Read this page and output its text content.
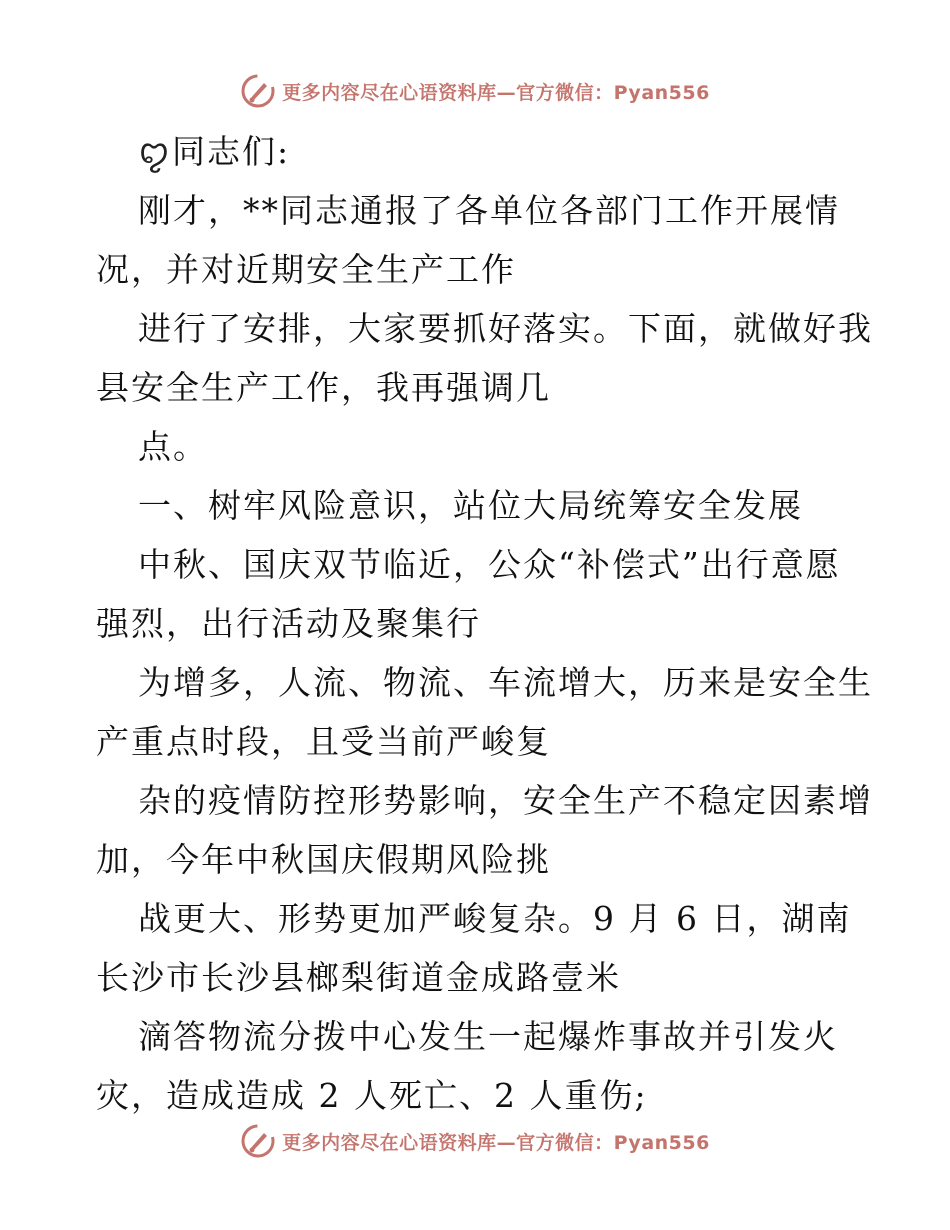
更多内容尽在心语资料库—官方微信：Pyan556
ꨄ同志们:
刚才，**同志通报了各单位各部门工作开展情
况，并对近期安全生产工作
进行了安排，大家要抓好落实。下面，就做好我
县安全生产工作，我再强调几
点。
一、树牢风险意识，站位大局统筹安全发展
中秋、国庆双节临近，公众“补偿式”出行意愿
强烈，出行活动及聚集行
为增多，人流、物流、车流增大，历来是安全生
产重点时段，且受当前严峻复
杂的疫情防控形势影响，安全生产不稳定因素增
加，今年中秋国庆假期风险挑
战更大、形势更加严峻复杂。9 月 6 日，湖南
长沙市长沙县榔梨街道金成路壹米
滴答物流分拨中心发生一起爆炸事故并引发火
灾，造成造成 2 人死亡、2 人重伤;
更多内容尽在心语资料库—官方微信：Pyan556
